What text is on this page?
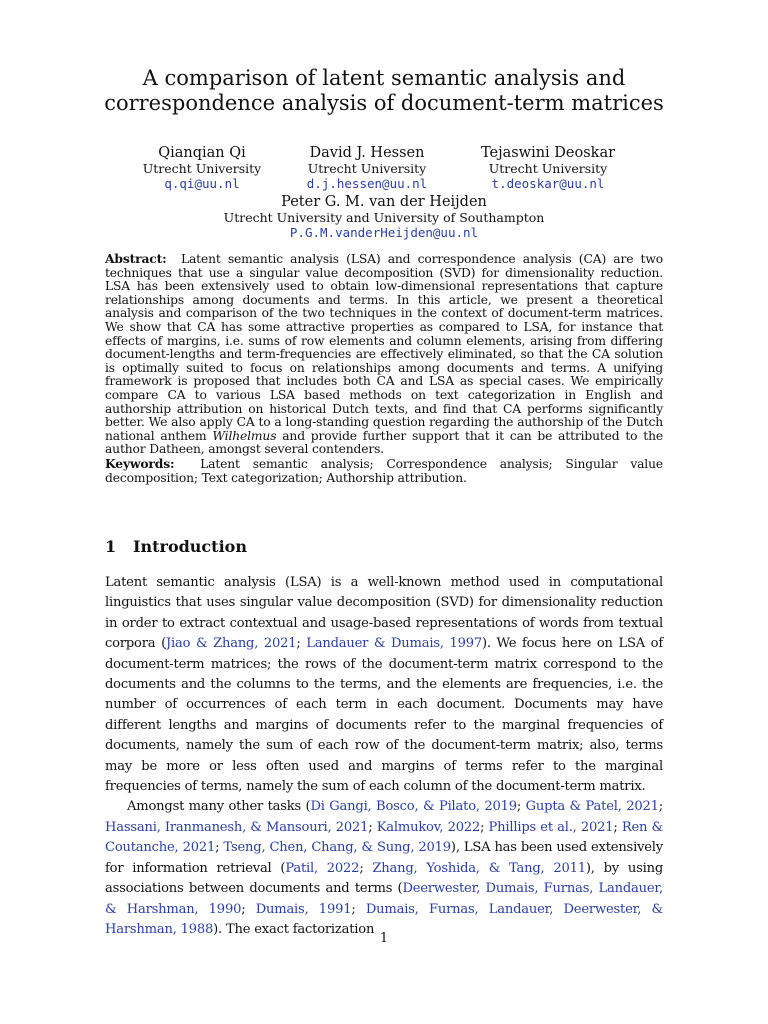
A comparison of latent semantic analysis and
correspondence analysis of document-term matrices
Qianqian Qi
Utrecht University
q.qi@uu.nl
David J. Hessen
Utrecht University
d.j.hessen@uu.nl
Tejaswini Deoskar
Utrecht University
t.deoskar@uu.nl
Peter G. M. van der Heijden
Utrecht University and University of Southampton
P.G.M.vanderHeijden@uu.nl

Abstract: Latent semantic analysis (LSA) and correspondence analysis (CA) are two techniques that use a singular value decomposition (SVD) for dimensionality reduction. LSA has been extensively used to obtain low-dimensional representations that capture relationships among documents and terms. In this article, we present a theoretical analysis and comparison of the two techniques in the context of document-term matrices. We show that CA has some attractive properties as compared to LSA, for instance that effects of margins, i.e. sums of row elements and column elements, arising from differing document-lengths and term-frequencies are effectively eliminated, so that the CA solution is optimally suited to focus on relationships among documents and terms. A unifying framework is proposed that includes both CA and LSA as special cases. We empirically compare CA to various LSA based methods on text categorization in English and authorship attribution on historical Dutch texts, and find that CA performs significantly better. We also apply CA to a long-standing question regarding the authorship of the Dutch national anthem Wilhelmus and provide further support that it can be attributed to the author Datheen, amongst several contenders.

Keywords: Latent semantic analysis; Correspondence analysis; Singular value decomposition; Text categorization; Authorship attribution.

1 Introduction

Latent semantic analysis (LSA) is a well-known method used in computational linguistics that uses singular value decomposition (SVD) for dimensionality reduction in order to extract contextual and usage-based representations of words from textual corpora (Jiao & Zhang, 2021; Landauer & Dumais, 1997). We focus here on LSA of document-term matrices; the rows of the document-term matrix correspond to the documents and the columns to the terms, and the elements are frequencies, i.e. the number of occurrences of each term in each document. Documents may have different lengths and margins of documents refer to the marginal frequencies of documents, namely the sum of each row of the document-term matrix; also, terms may be more or less often used and margins of terms refer to the marginal frequencies of terms, namely the sum of each column of the document-term matrix.

Amongst many other tasks (Di Gangi, Bosco, & Pilato, 2019; Gupta & Patel, 2021; Hassani, Iranmanesh, & Mansouri, 2021; Kalmukov, 2022; Phillips et al., 2021; Ren & Coutanche, 2021; Tseng, Chen, Chang, & Sung, 2019), LSA has been used extensively for information retrieval (Patil, 2022; Zhang, Yoshida, & Tang, 2011), by using associations between documents and terms (Deerwester, Dumais, Furnas, Landauer, & Harshman, 1990; Dumais, 1991; Dumais, Furnas, Landauer, Deerwester, & Harshman, 1988). The exact factorization

1
